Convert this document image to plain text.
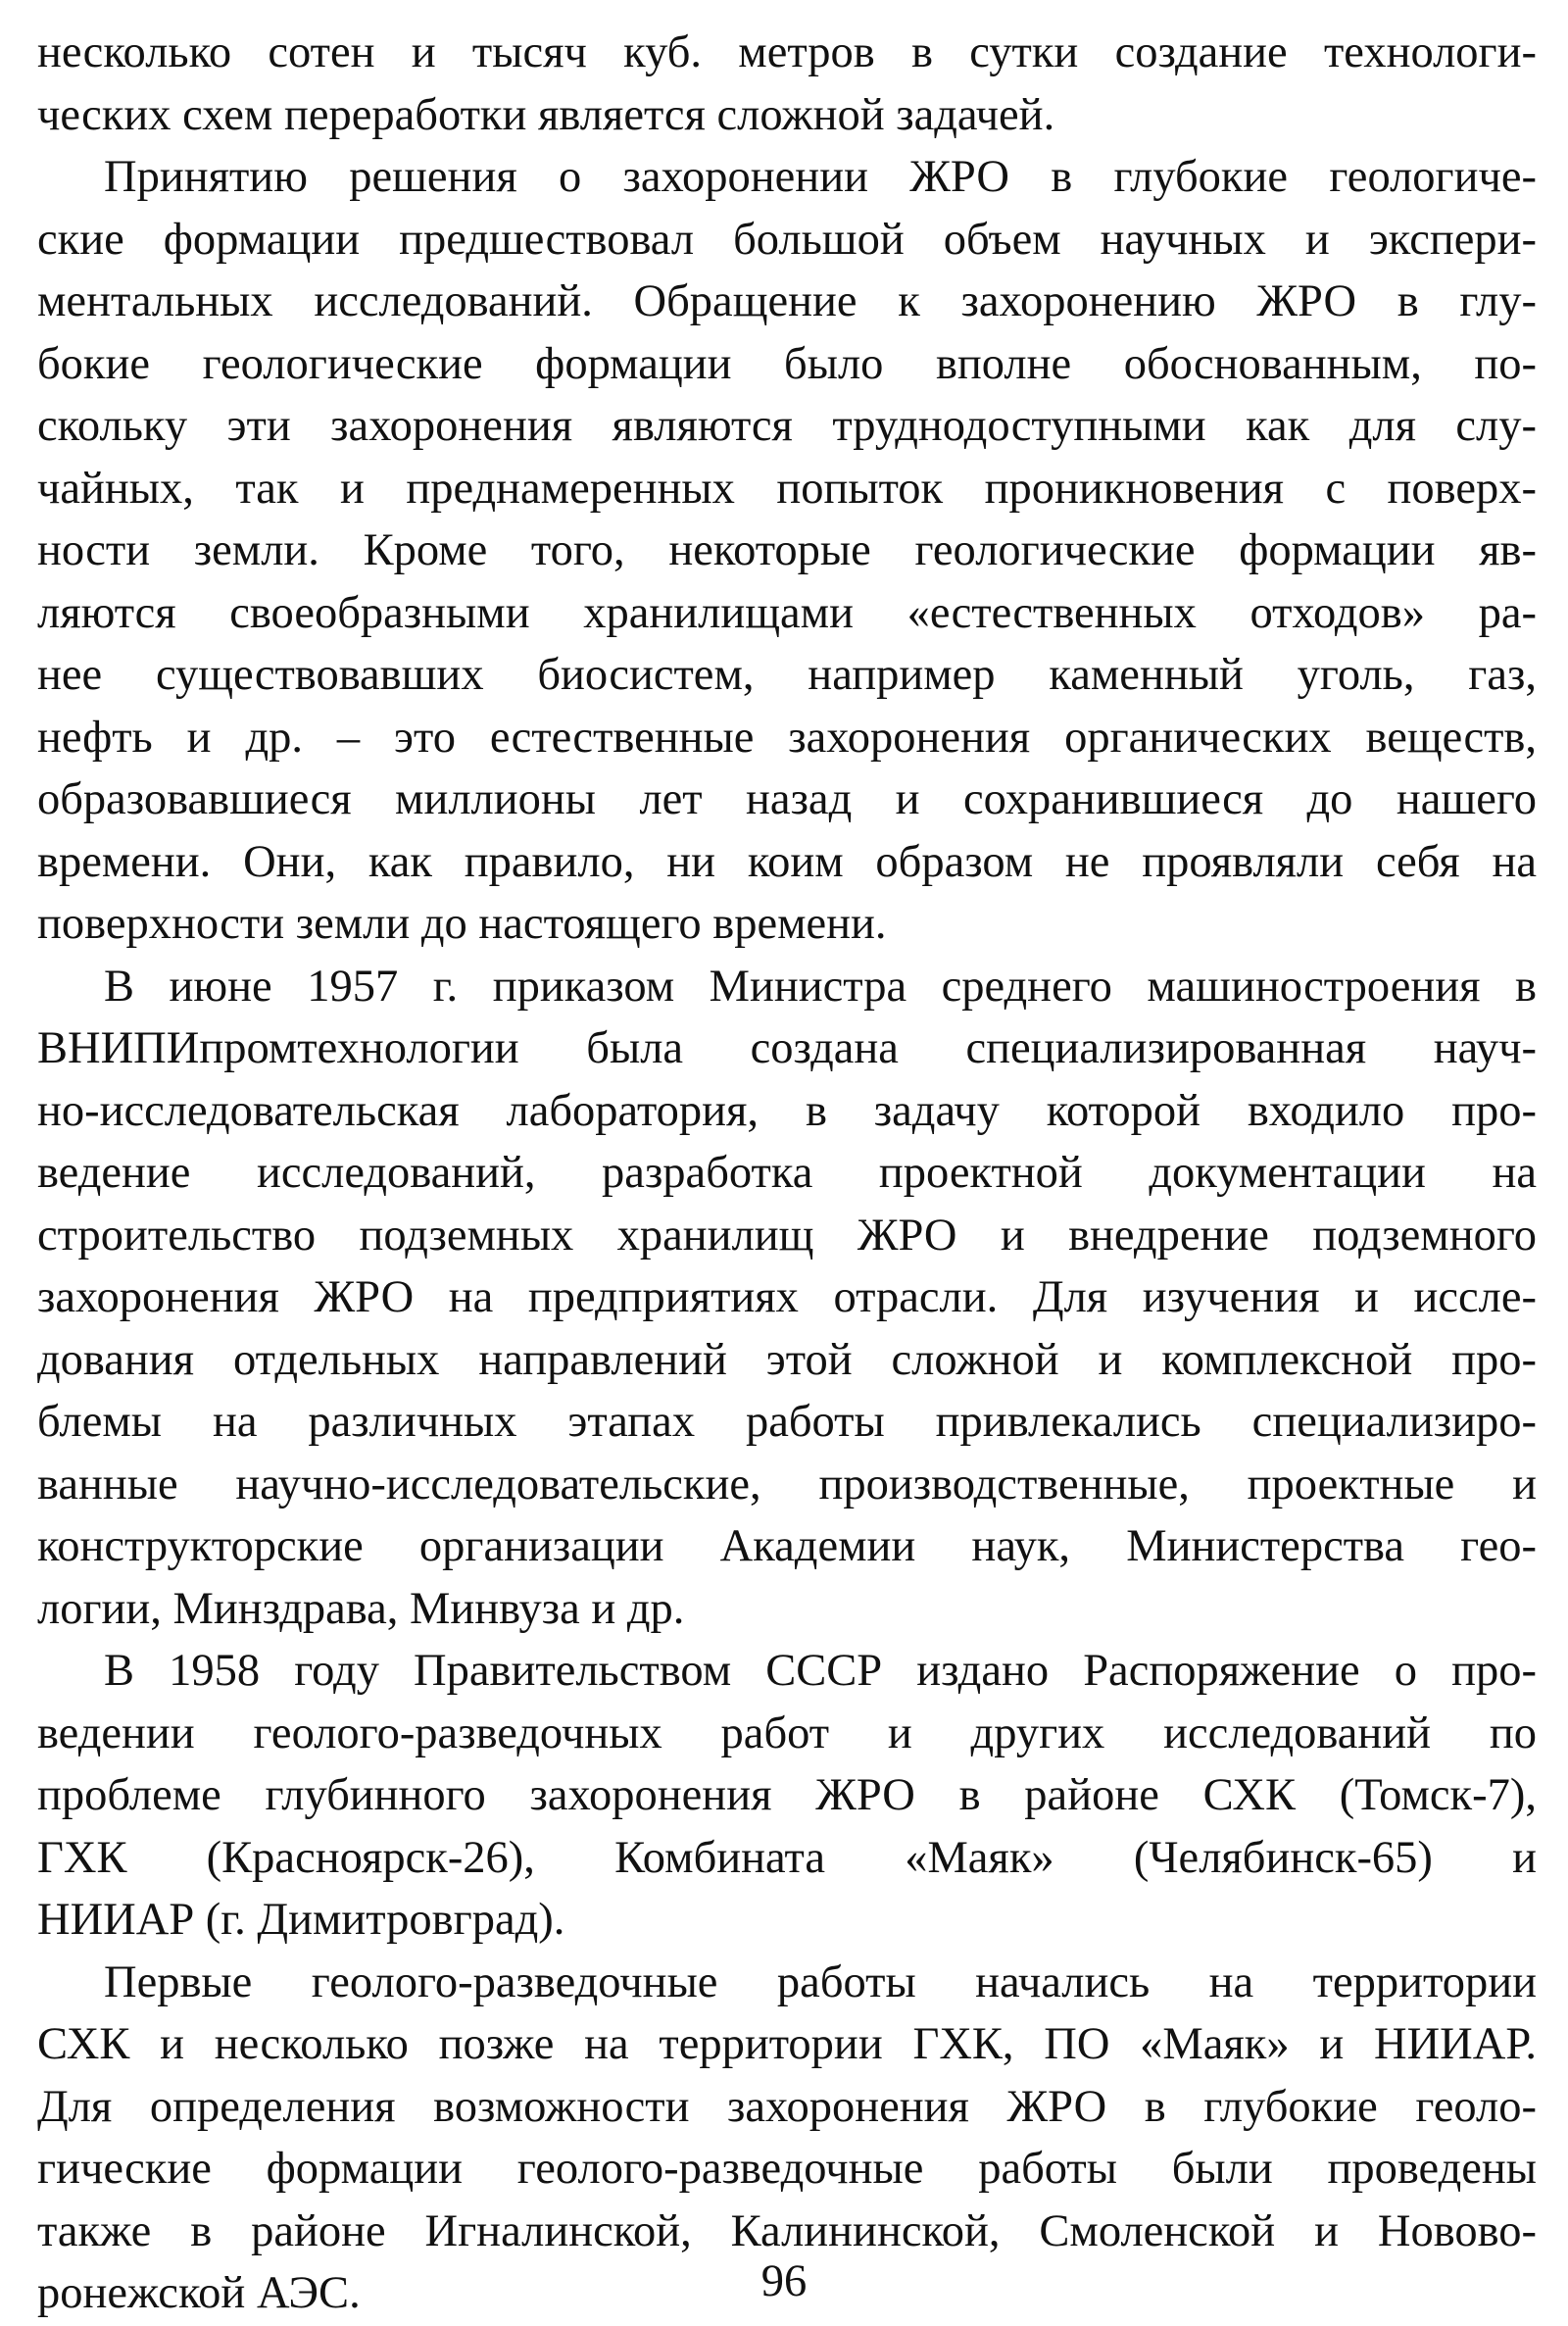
несколько сотен и тысяч куб. метров в сутки создание технологи-
ческих схем переработки является сложной задачей.
Принятию решения о захоронении ЖРО в глубокие геологиче-
ские формации предшествовал большой объем научных и экспери-
ментальных исследований. Обращение к захоронению ЖРО в глу-
бокие геологические формации было вполне обоснованным, по-
скольку эти захоронения являются труднодоступными как для слу-
чайных, так и преднамеренных попыток проникновения с поверх-
ности земли. Кроме того, некоторые геологические формации яв-
ляются своеобразными хранилищами «естественных отходов» ра-
нее существовавших биосистем, например каменный уголь, газ,
нефть и др. – это естественные захоронения органических веществ,
образовавшиеся миллионы лет назад и сохранившиеся до нашего
времени. Они, как правило, ни коим образом не проявляли себя на
поверхности земли до настоящего времени.
В июне 1957 г. приказом Министра среднего машиностроения в
ВНИПИпромтехнологии была создана специализированная науч-
но-исследовательская лаборатория, в задачу которой входило про-
ведение исследований, разработка проектной документации на
строительство подземных хранилищ ЖРО и внедрение подземного
захоронения ЖРО на предприятиях отрасли. Для изучения и иссле-
дования отдельных направлений этой сложной и комплексной про-
блемы на различных этапах работы привлекались специализиро-
ванные научно-исследовательские, производственные, проектные и
конструкторские организации Академии наук, Министерства гео-
логии, Минздрава, Минвуза и др.
В 1958 году Правительством СССР издано Распоряжение о про-
ведении геолого-разведочных работ и других исследований по
проблеме глубинного захоронения ЖРО в районе СХК (Томск-7),
ГХК (Красноярск-26), Комбината «Маяк» (Челябинск-65) и
НИИАР (г. Димитровград).
Первые геолого-разведочные работы начались на территории
СХК и несколько позже на территории ГХК, ПО «Маяк» и НИИАР.
Для определения возможности захоронения ЖРО в глубокие геоло-
гические формации геолого-разведочные работы были проведены
также в районе Игналинской, Калининской, Смоленской и Новово-
ронежской АЭС.	96
